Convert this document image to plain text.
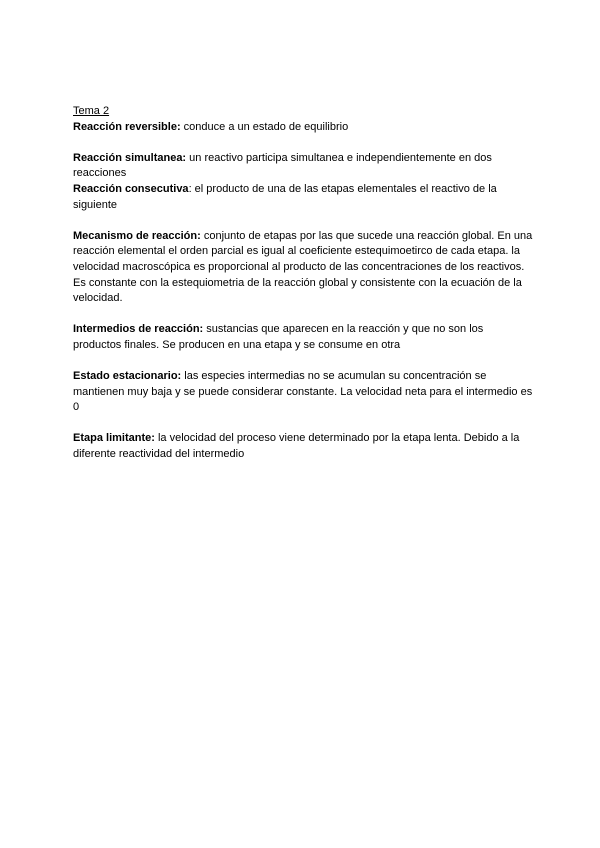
Tema 2

Reacción reversible: conduce a un estado de equilibrio

Reacción simultanea: un reactivo participa simultanea e independientemente en dos reacciones

Reacción consecutiva: el producto de una de las etapas elementales el reactivo de la siguiente

Mecanismo de reacción: conjunto de etapas por las que sucede una reacción global. En una reacción elemental el orden parcial es igual al coeficiente estequimoetirco de cada etapa. la velocidad macroscópica es proporcional al producto de las concentraciones de los reactivos. Es constante con la estequiometria de la reacción global y consistente con la ecuación de la velocidad.

Intermedios de reacción: sustancias que aparecen en la reacción y que no son los productos finales. Se producen en una etapa y se consume en otra

Estado estacionario: las especies intermedias no se acumulan su concentración se mantienen muy baja y se puede considerar constante. La velocidad neta para el intermedio es 0

Etapa limitante: la velocidad del proceso viene determinado por la etapa lenta. Debido a la diferente reactividad del intermedio
